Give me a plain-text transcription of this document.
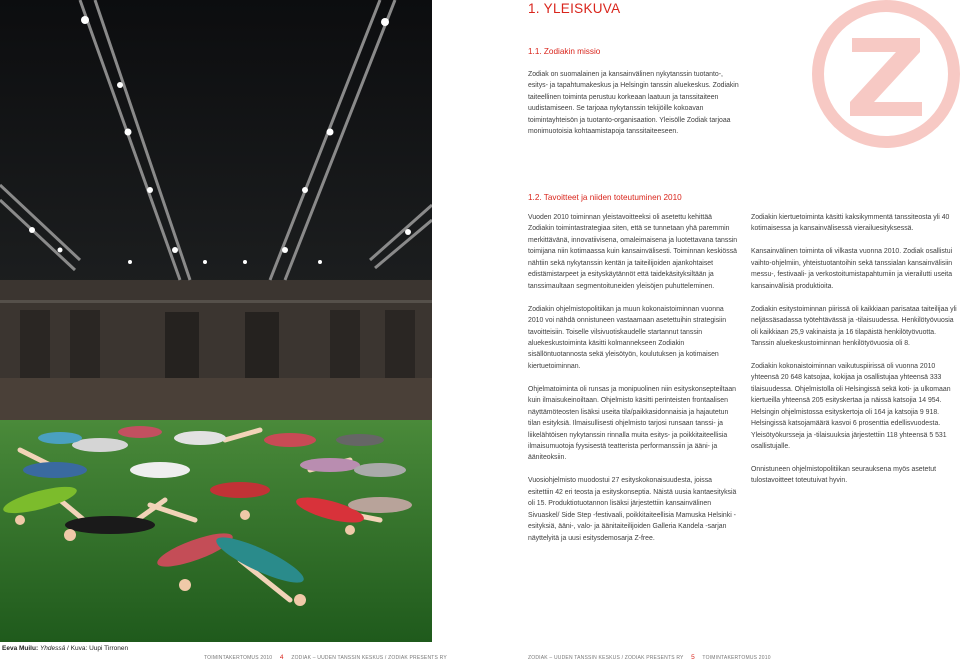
Eeva Muilu: Yhdessä / Kuva: Uupi Tirronen
1. YLEISKUVA
1.1. Zodiakin missio
Zodiak on suomalainen ja kansainvälinen nykytanssin tuotanto-, esitys- ja tapahtumakeskus ja Helsingin tanssin aluekeskus. Zodiakin taiteellinen toiminta perustuu korkeaan laatuun ja tanssitaiteen uudistamiseen. Se tarjoaa nykytanssin tekijöille kokoavan toimintayhteisön ja tuotanto-organisaation. Yleisölle Zodiak tarjoaa monimuotoisia kohtaamistapoja tanssitaiteeseen.
1.2. Tavoitteet ja niiden toteutuminen 2010

Vuoden 2010 toiminnan yleistavoitteeksi oli asetettu kehittää Zodiakin toimintastrategiaa siten, että se tunnetaan yhä paremmin merkittävänä, innovatiivisena, omaleimaisena ja luotettavana tanssin toimijana niin kotimaassa kuin kansainvälisesti. Toiminnan keskiössä nähtiin sekä nykytanssin kentän ja taiteilijoiden ajankohtaiset edistämistarpeet ja esityskäytännöt että taidekäsityksiltään ja tanssimaultaan segmentoituneiden yleisöjen puhutteleminen.

Zodiakin ohjelmistopolitiikan ja muun kokonaistoiminnan vuonna 2010 voi nähdä onnistuneen vastaamaan asetettuihin strategisiin tavoitteisiin. Toiselle vilsivuotiskaudelle startannut tanssin aluekeskustoiminta käsitti kolmannekseen Zodiakin sisällöntuotannosta sekä yleisötyön, koulutuksen ja kotimaisen kiertuetoiminnan.

Ohjelmatoiminta oli runsas ja monipuolinen niin esityskonsepteiltaan kuin ilmaisukeinoiltaan. Ohjelmisto käsitti perinteisten frontaalisen näyttämöteosten lisäksi useita tila/paikkasidonnaisia ja hajautetun tilan esityksiä. Ilmaisullisesti ohjelmisto tarjosi runsaan tanssi- ja liikelähtöisen nykytanssin rinnalla muita esitys- ja poikkitaiteellisia ilmaisumuotoja fyysisestä teatterista performanssiin ja ääni- ja ääniteoksiin.

Vuosiohjelmisto muodostui 27 esityskokonaisuudesta, joissa esitettiin 42 eri teosta ja esityskonseptia. Näistä uusia kantaesityksiä oli 15. Produktiotuotannon lisäksi järjestettiin kansainvälinen Sivuaskel/ Side Step -festivaali, poikkitaiteellisia Mamuska Helsinki -esityksiä, ääni-, valo- ja äänitaiteilijoiden Galleria Kandela -sarjan näyttelyitä ja uusi esitysdemosarja Z-free.

Zodiakin kiertuetoiminta käsitti kaksikymmentä tanssiteosta yli 40 kotimaisessa ja kansainvälisessä vierailuesityksessä.

Kansainvälinen toiminta oli vilkasta vuonna 2010. Zodiak osallistui vaihto-ohjelmiin, yhteistuotantoihin sekä tanssialan kansainvälisiin messu-, festivaali- ja verkostoitumistapahtumiin ja vierailutti useita kansainvälisiä produktioita.

Zodiakin esitystoiminnan piirissä oli kaikkiaan parisataa taiteilijaa yli neljässäsadassa työtehtävässä ja -tilaisuudessa. Henkilötyövuosia oli kaikkiaan 25,9 vakinaista ja 16 tilapäistä henkilötyövuotta. Tanssin aluekeskustoiminnan henkilötyövuosia oli 8.

Zodiakin kokonaistoiminnan vaikutuspiirissä oli vuonna 2010 yhteensä 20 648 katsojaa, kokijaa ja osallistujaa yhteensä 333 tilaisuudessa. Ohjelmistolla oli Helsingissä sekä koti- ja ulkomaan kiertueilla yhteensä 205 esityskertaa ja näissä katsojia 14 954. Helsingin ohjelmistossa esityskertoja oli 164 ja katsojia 9 918. Helsingissä katsojamäärä kasvoi 6 prosenttia edellisvuodesta. Yleisötyökursseja ja -tilaisuuksia järjestettiin 118 yhteensä 5 531 osallistujalle.

Onnistuneen ohjelmistopolitiikan seurauksena myös asetetut tulostavoitteet toteutuivat hyvin.

TOIMINTAKERTOMUS 2010 4 ZODIAK – UUDEN TANSSIN KESKUS / ZODIAK PRESENTS RY	ZODIAK – UUDEN TANSSIN KESKUS / ZODIAK PRESENTS RY 5 TOIMINTAKERTOMUS 2010
